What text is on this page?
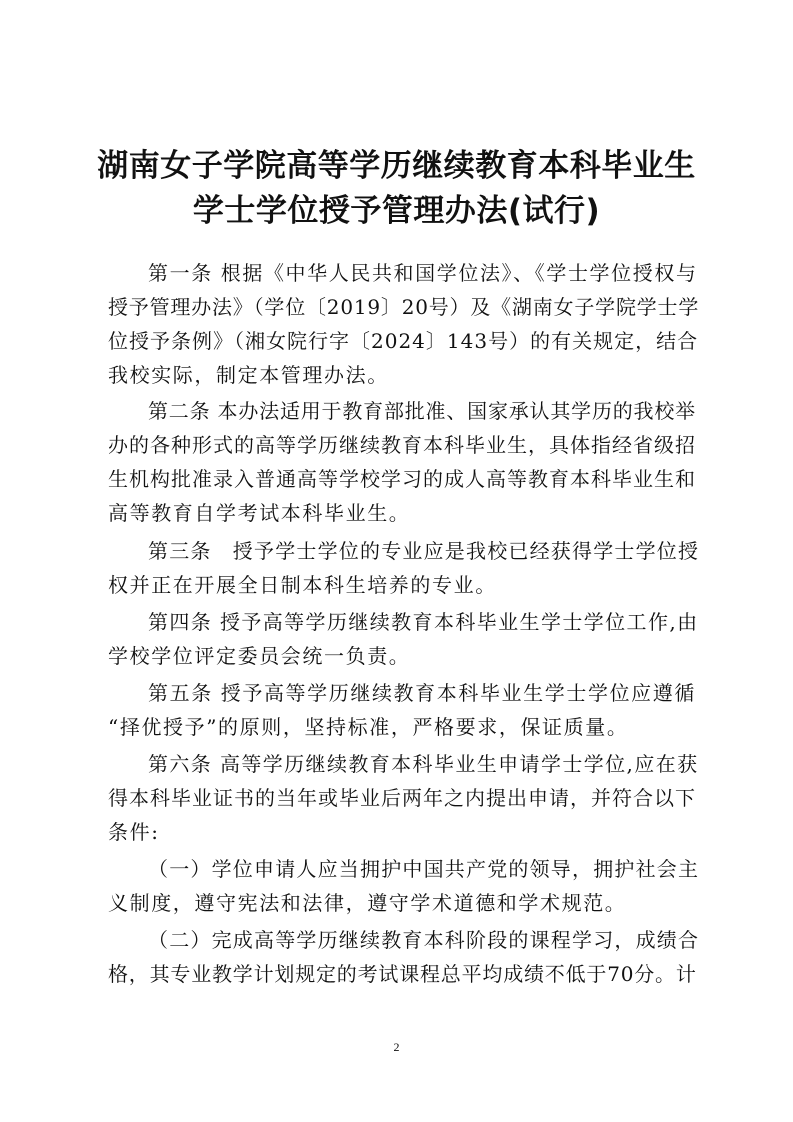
湖南女子学院高等学历继续教育本科毕业生
学士学位授予管理办法(试行)
第一条 根据《中华人民共和国学位法》、《学士学位授权与
授予管理办法》（学位〔2019〕20号）及《湖南女子学院学士学
位授予条例》（湘女院行字〔2024〕143号）的有关规定，结合
我校实际，制定本管理办法。
第二条 本办法适用于教育部批准、国家承认其学历的我校举
办的各种形式的高等学历继续教育本科毕业生，具体指经省级招
生机构批准录入普通高等学校学习的成人高等教育本科毕业生和
高等教育自学考试本科毕业生。
第三条　授予学士学位的专业应是我校已经获得学士学位授
权并正在开展全日制本科生培养的专业。
第四条 授予高等学历继续教育本科毕业生学士学位工作,由
学校学位评定委员会统一负责。
第五条 授予高等学历继续教育本科毕业生学士学位应遵循
“择优授予”的原则，坚持标准，严格要求，保证质量。
第六条 高等学历继续教育本科毕业生申请学士学位,应在获
得本科毕业证书的当年或毕业后两年之内提出申请，并符合以下
条件:
（一）学位申请人应当拥护中国共产党的领导，拥护社会主
义制度，遵守宪法和法律，遵守学术道德和学术规范。
（二）完成高等学历继续教育本科阶段的课程学习，成绩合
格，其专业教学计划规定的考试课程总平均成绩不低于70分。计
2
